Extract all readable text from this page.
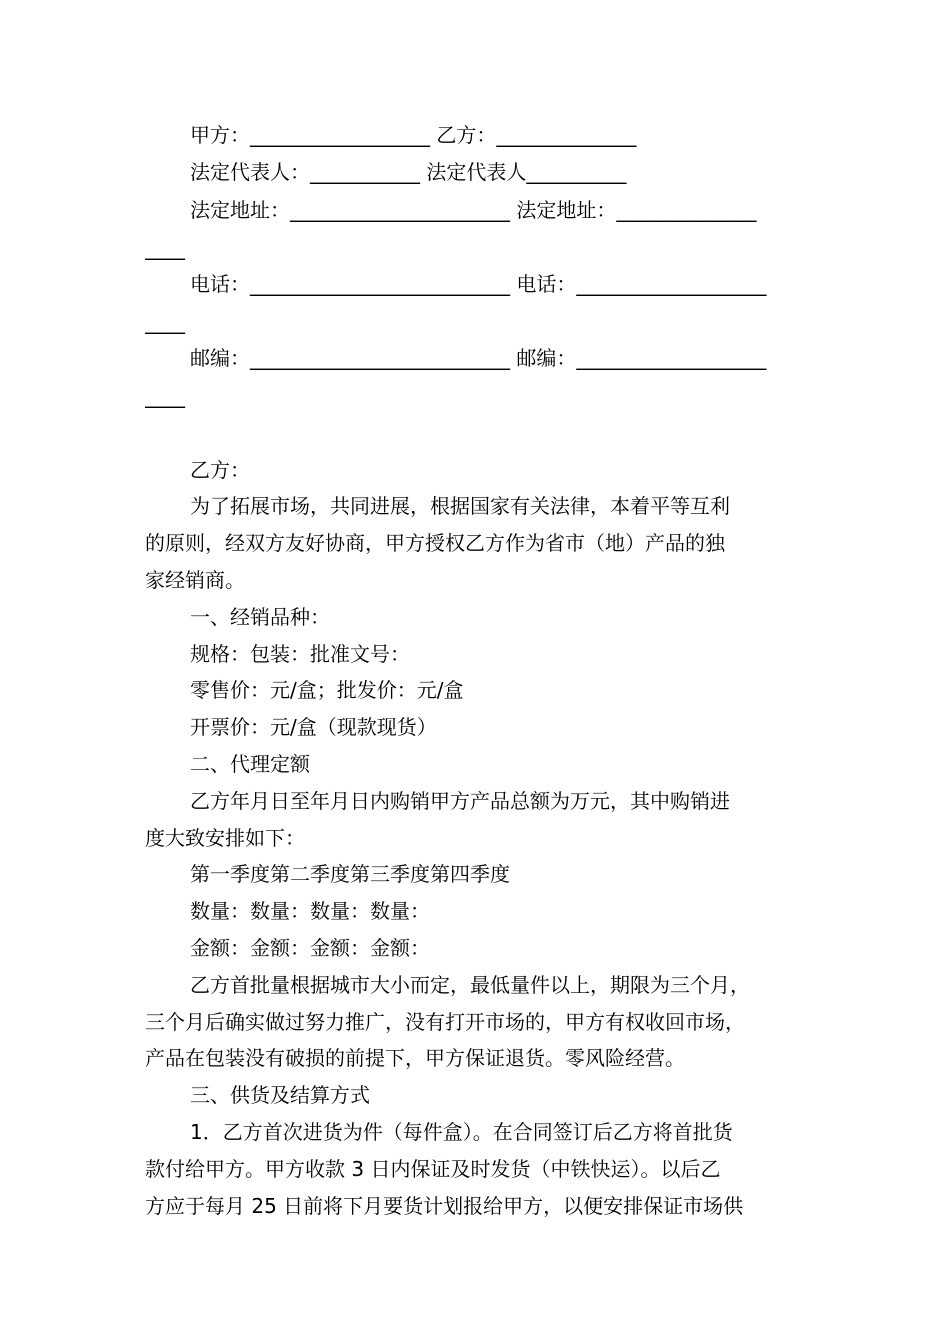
甲方：__________________ 乙方：______________
法定代表人：___________ 法定代表人__________
法定地址：______________________ 法定地址：______________
____
电话：__________________________ 电话：___________________
____
邮编：__________________________ 邮编：___________________
____

乙方：
为了拓展市场，共同进展，根据国家有关法律，本着平等互利
的原则，经双方友好协商，甲方授权乙方作为省市（地）产品的独
家经销商。
一、经销品种：
规格：包装：批准文号：
零售价：元/盒；批发价：元/盒
开票价：元/盒（现款现货）
二、代理定额
乙方年月日至年月日内购销甲方产品总额为万元，其中购销进
度大致安排如下：
第一季度第二季度第三季度第四季度
数量：数量：数量：数量：
金额：金额：金额：金额：
乙方首批量根据城市大小而定，最低量件以上，期限为三个月，
三个月后确实做过努力推广，没有打开市场的，甲方有权收回市场，
产品在包装没有破损的前提下，甲方保证退货。零风险经营。
三、供货及结算方式
1．乙方首次进货为件（每件盒）。在合同签订后乙方将首批货
款付给甲方。甲方收款 3 日内保证及时发货（中铁快运）。以后乙
方应于每月 25 日前将下月要货计划报给甲方，以便安排保证市场供
